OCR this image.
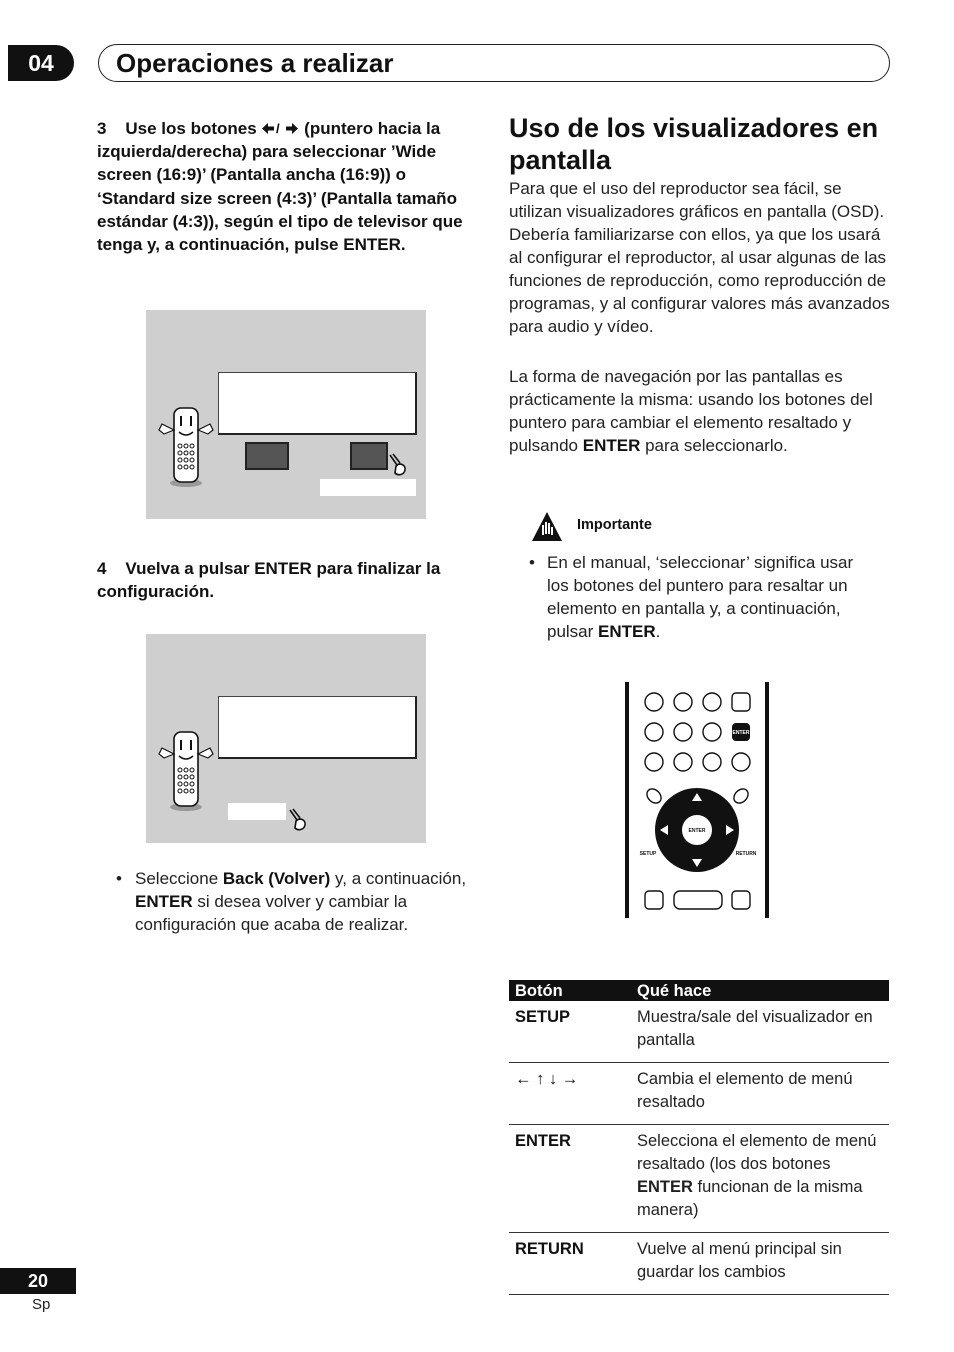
04 Operaciones a realizar
3 Use los botones / (puntero hacia la izquierda/derecha) para seleccionar ’Wide screen (16:9)’ (Pantalla ancha (16:9)) o ‘Standard size screen (4:3)’ (Pantalla tamaño estándar (4:3)), según el tipo de televisor que tenga y, a continuación, pulse ENTER.
4 Vuelva a pulsar ENTER para finalizar la configuración.
• Seleccione Back (Volver) y, a continuación, ENTER si desea volver y cambiar la configuración que acaba de realizar.
Uso de los visualizadores en pantalla
Para que el uso del reproductor sea fácil, se utilizan visualizadores gráficos en pantalla (OSD). Debería familiarizarse con ellos, ya que los usará al configurar el reproductor, al usar algunas de las funciones de reproducción, como reproducción de programas, y al configurar valores más avanzados para audio y vídeo.
La forma de navegación por las pantallas es prácticamente la misma: usando los botones del puntero para cambiar el elemento resaltado y pulsando ENTER para seleccionarlo.
Importante
• En el manual, ‘seleccionar’ significa usar los botones del puntero para resaltar un elemento en pantalla y, a continuación, pulsar ENTER.
ENTER
ENTER
SETUP	RETURN
Botón	Qué hace
SETUP	Muestra/sale del visualizador en pantalla
← ↑ ↓ →	Cambia el elemento de menú resaltado
ENTER	Selecciona el elemento de menú resaltado (los dos botones ENTER funcionan de la misma manera)
RETURN	Vuelve al menú principal sin guardar los cambios
20
Sp
